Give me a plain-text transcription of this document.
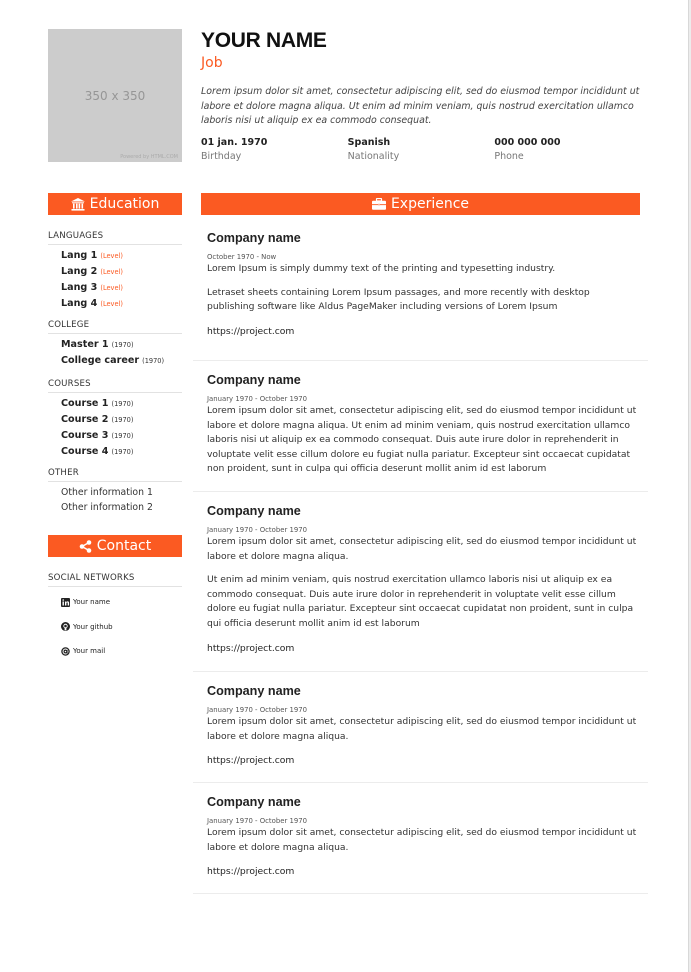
350 x 350
Powered by HTML.COM
YOUR NAME
Job
Lorem ipsum dolor sit amet, consectetur adipiscing elit, sed do eiusmod tempor incididunt ut labore et dolore magna aliqua. Ut enim ad minim veniam, quis nostrud exercitation ullamco laboris nisi ut aliquip ex ea commodo consequat.
01 jan. 1970
Birthday
Spanish
Nationality
000 000 000
Phone
Education
LANGUAGES
Lang 1 (Level)
Lang 2 (Level)
Lang 3 (Level)
Lang 4 (Level)
COLLEGE
Master 1 (1970)
College career (1970)
COURSES
Course 1 (1970)
Course 2 (1970)
Course 3 (1970)
Course 4 (1970)
OTHER
Other information 1
Other information 2
Contact
SOCIAL NETWORKS
Your name
Your github
Your mail
Experience
Company name
October 1970 - Now
Lorem Ipsum is simply dummy text of the printing and typesetting industry.
Letraset sheets containing Lorem Ipsum passages, and more recently with desktop publishing software like Aldus PageMaker including versions of Lorem Ipsum
https://project.com
Company name
January 1970 - October 1970
Lorem ipsum dolor sit amet, consectetur adipiscing elit, sed do eiusmod tempor incididunt ut labore et dolore magna aliqua. Ut enim ad minim veniam, quis nostrud exercitation ullamco laboris nisi ut aliquip ex ea commodo consequat. Duis aute irure dolor in reprehenderit in voluptate velit esse cillum dolore eu fugiat nulla pariatur. Excepteur sint occaecat cupidatat non proident, sunt in culpa qui officia deserunt mollit anim id est laborum
Company name
January 1970 - October 1970
Lorem ipsum dolor sit amet, consectetur adipiscing elit, sed do eiusmod tempor incididunt ut labore et dolore magna aliqua.
Ut enim ad minim veniam, quis nostrud exercitation ullamco laboris nisi ut aliquip ex ea commodo consequat. Duis aute irure dolor in reprehenderit in voluptate velit esse cillum dolore eu fugiat nulla pariatur. Excepteur sint occaecat cupidatat non proident, sunt in culpa qui officia deserunt mollit anim id est laborum
https://project.com
Company name
January 1970 - October 1970
Lorem ipsum dolor sit amet, consectetur adipiscing elit, sed do eiusmod tempor incididunt ut labore et dolore magna aliqua.
https://project.com
Company name
January 1970 - October 1970
Lorem ipsum dolor sit amet, consectetur adipiscing elit, sed do eiusmod tempor incididunt ut labore et dolore magna aliqua.
https://project.com
